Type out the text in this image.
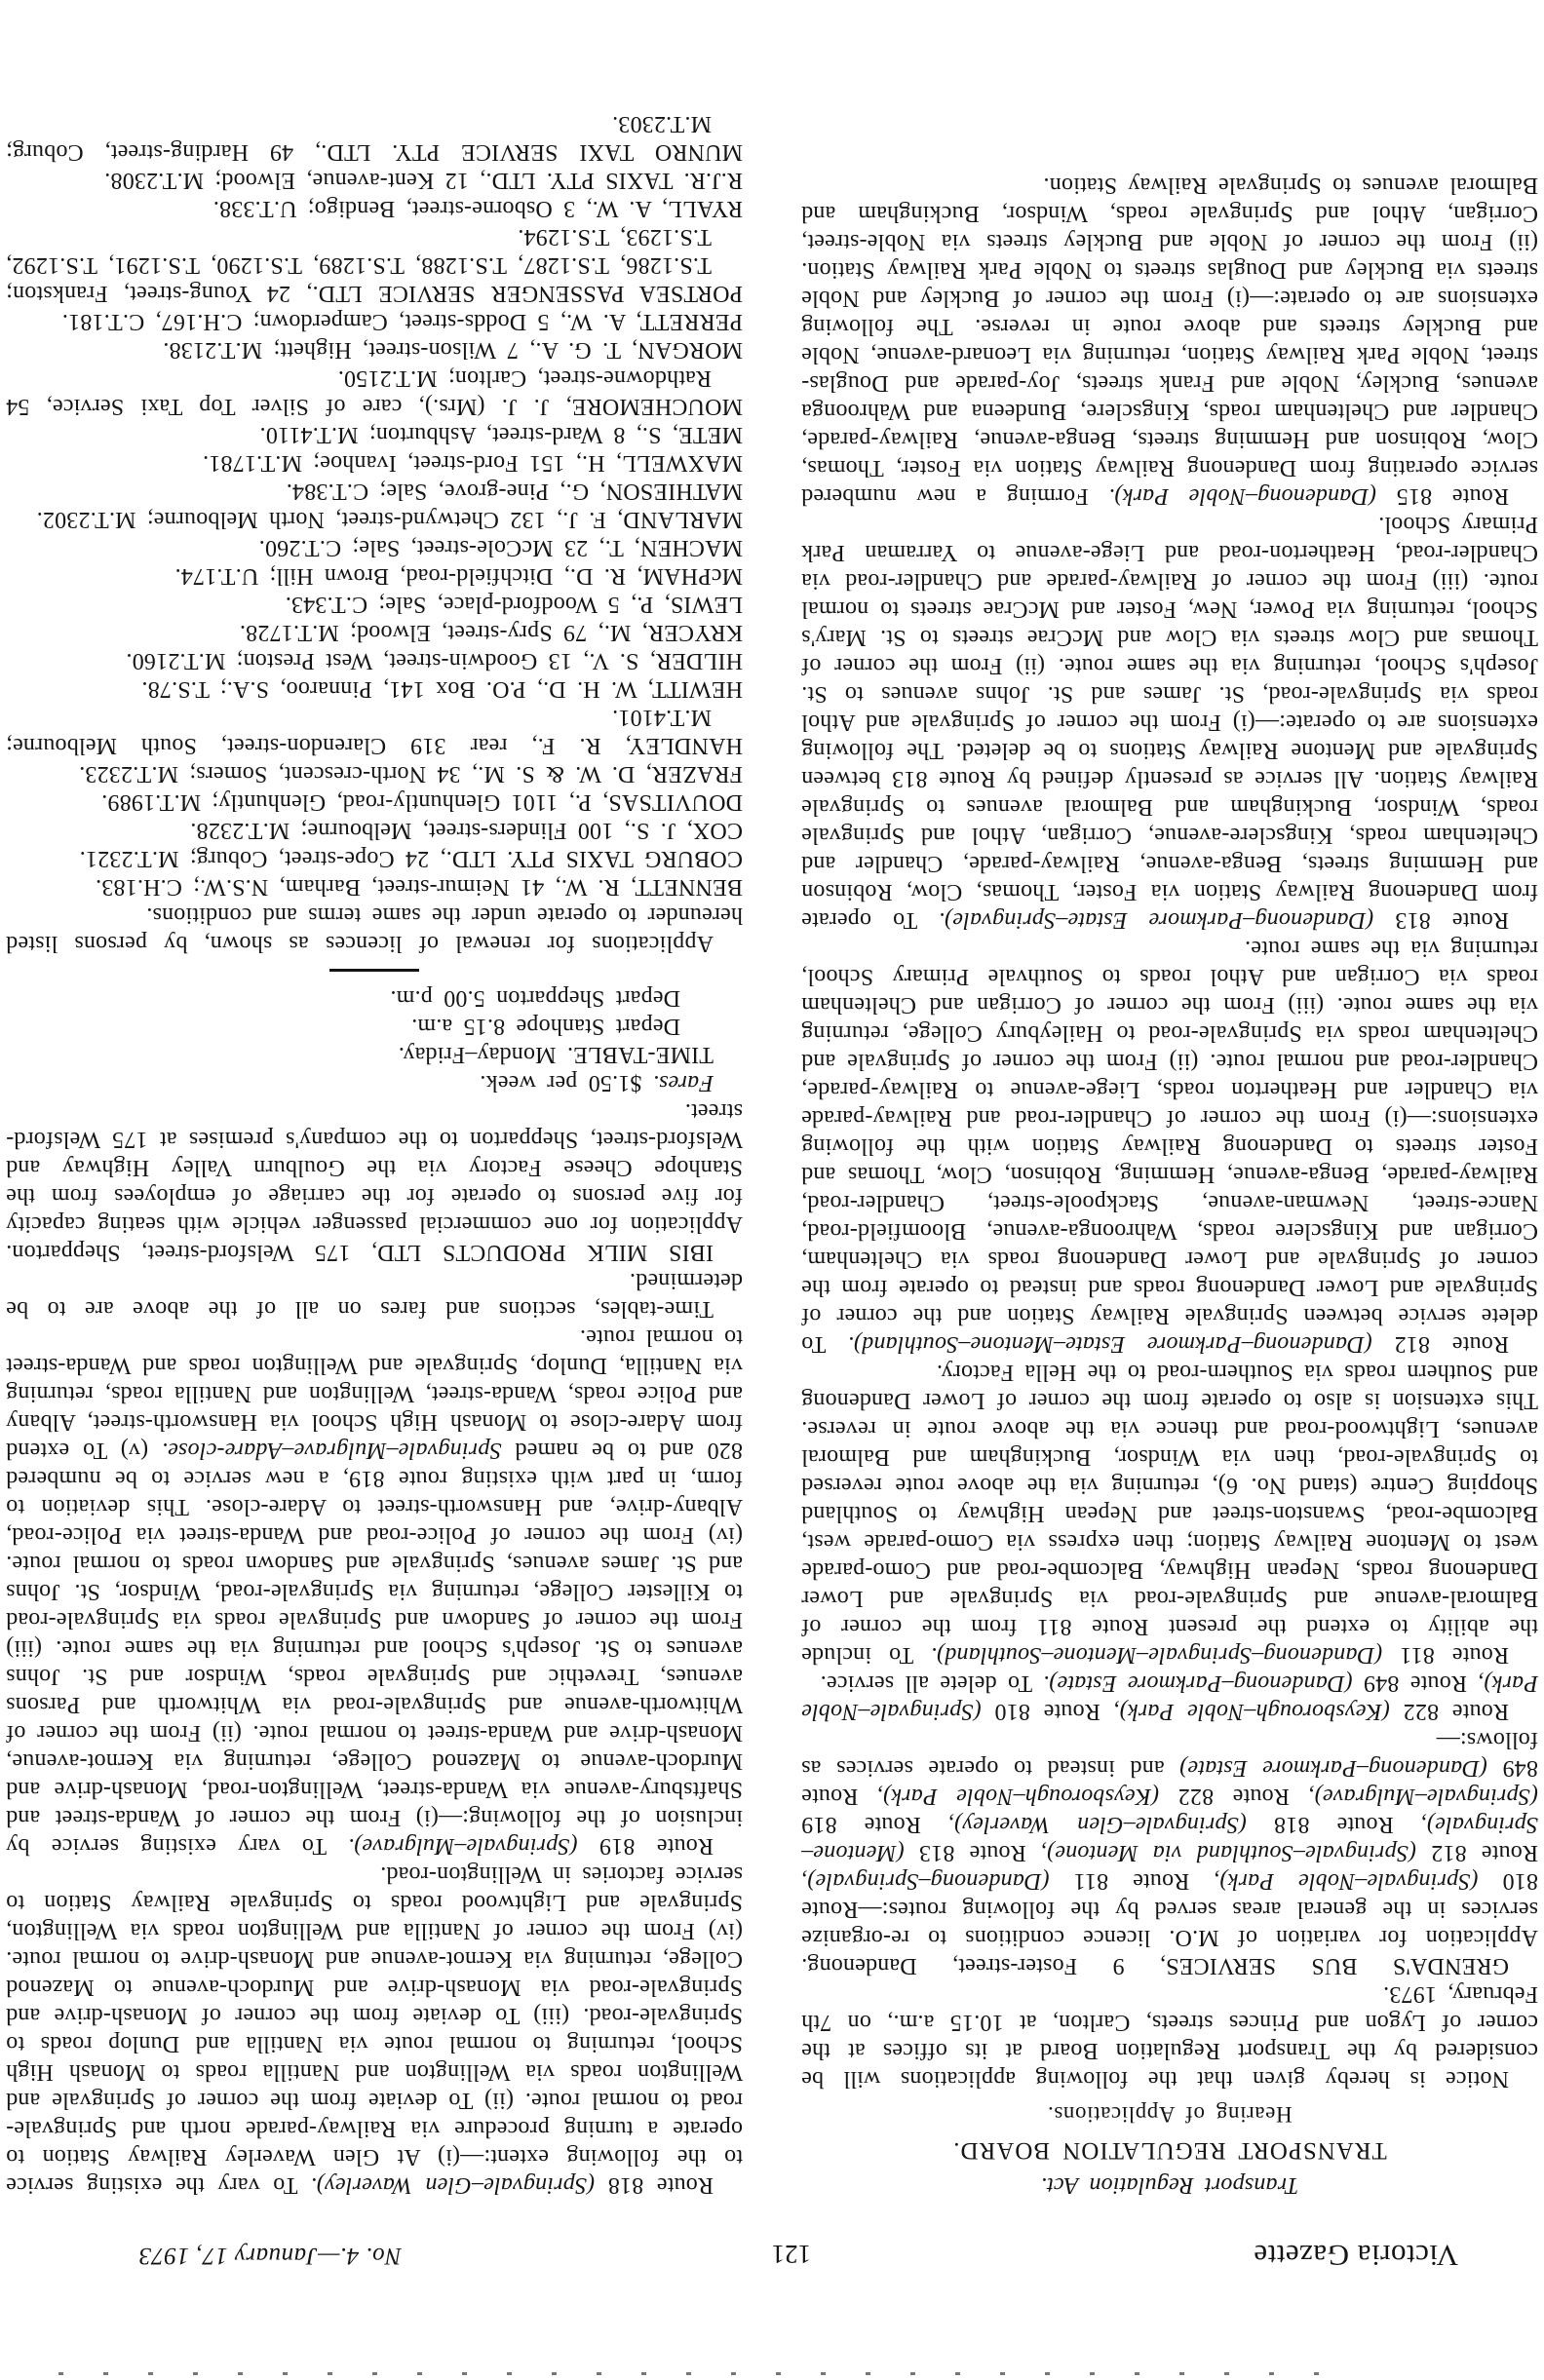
Victoria Gazette
121
No. 4.—January 17, 1973

Transport Regulation Act.

TRANSPORT REGULATION BOARD.

Hearing of Applications.

Notice is hereby given that the following applications will be considered by the Transport Regulation Board at its offices at the corner of Lygon and Princes streets, Carlton, at 10.15 a.m., on 7th February, 1973.

GRENDA'S BUS SERVICES, 9 Foster-street, Dandenong. Application for variation of M.O. licence conditions to re-organize services in the general areas served by the following routes:—Route 810 (Springvale–Noble Park), Route 811 (Dandenong–Springvale), Route 812 (Springvale–Southland via Mentone), Route 813 (Mentone–Springvale), Route 818 (Springvale–Glen Waverley), Route 819 (Springvale–Mulgrave), Route 822 (Keysborough–Noble Park), Route 849 (Dandenong–Parkmore Estate) and instead to operate services as follows:—

Route 822 (Keysborough–Noble Park), Route 810 (Springvale–Noble Park), Route 849 (Dandenong–Parkmore Estate). To delete all service.

Route 811 (Dandenong–Springvale–Mentone–Southland). To include the ability to extend the present Route 811 from the corner of Balmoral-avenue and Springvale-road via Springvale and Lower Dandenong roads, Nepean Highway, Balcombe-road and Como-parade west to Mentone Railway Station; then express via Como-parade west, Balcombe-road, Swanston-street and Nepean Highway to Southland Shopping Centre (stand No. 6), returning via the above route reversed to Springvale-road, then via Windsor, Buckingham and Balmoral avenues, Lightwood-road and thence via the above route in reverse. This extension is also to operate from the corner of Lower Dandenong and Southern roads via Southern-road to the Hella Factory.

Route 812 (Dandenong–Parkmore Estate–Mentone–Southland). To delete service between Springvale Railway Station and the corner of Springvale and Lower Dandenong roads and instead to operate from the corner of Springvale and Lower Dandenong roads via Cheltenham, Corrigan and Kingsclere roads, Wahroonga-avenue, Bloomfield-road, Nance-street, Newman-avenue, Stackpoole-street, Chandler-road, Railway-parade, Benga-avenue, Hemming, Robinson, Clow, Thomas and Foster streets to Dandenong Railway Station with the following extensions:—(i) From the corner of Chandler-road and Railway-parade via Chandler and Heatherton roads, Liege-avenue to Railway-parade, Chandler-road and normal route. (ii) From the corner of Springvale and Cheltenham roads via Springvale-road to Haileybury College, returning via the same route. (iii) From the corner of Corrigan and Cheltenham roads via Corrigan and Athol roads to Southvale Primary School, returning via the same route.

Route 813 (Dandenong–Parkmore Estate–Springvale). To operate from Dandenong Railway Station via Foster, Thomas, Clow, Robinson and Hemming streets, Benga-avenue, Railway-parade, Chandler and Cheltenham roads, Kingsclere-avenue, Corrigan, Athol and Springvale roads, Windsor, Buckingham and Balmoral avenues to Springvale Railway Station. All service as presently defined by Route 813 between Springvale and Mentone Railway Stations to be deleted. The following extensions are to operate:—(i) From the corner of Springvale and Athol roads via Springvale-road, St. James and St. Johns avenues to St. Joseph's School, returning via the same route. (ii) From the corner of Thomas and Clow streets via Clow and McCrae streets to St. Mary's School, returning via Power, New, Foster and McCrae streets to normal route. (iii) From the corner of Railway-parade and Chandler-road via Chandler-road, Heatherton-road and Liege-avenue to Yarraman Park Primary School.

Route 815 (Dandenong–Noble Park). Forming a new numbered service operating from Dandenong Railway Station via Foster, Thomas, Clow, Robinson and Hemming streets, Benga-avenue, Railway-parade, Chandler and Cheltenham roads, Kingsclere, Bundeena and Wahroonga avenues, Buckley, Noble and Frank streets, Joy-parade and Douglas-street, Noble Park Railway Station, returning via Leonard-avenue, Noble and Buckley streets and above route in reverse. The following extensions are to operate:—(i) From the corner of Buckley and Noble streets via Buckley and Douglas streets to Noble Park Railway Station. (ii) From the corner of Noble and Buckley streets via Noble-street, Corrigan, Athol and Springvale roads, Windsor, Buckingham and Balmoral avenues to Springvale Railway Station.

Route 818 (Springvale–Glen Waverley). To vary the existing service to the following extent:—(i) At Glen Waverley Railway Station to operate a turning procedure via Railway-parade north and Springvale-road to normal route. (ii) To deviate from the corner of Springvale and Wellington roads via Wellington and Nantilla roads to Monash High School, returning to normal route via Nantilla and Dunlop roads to Springvale-road. (iii) To deviate from the corner of Monash-drive and Springvale-road via Monash-drive and Murdoch-avenue to Mazenod College, returning via Kernot-avenue and Monash-drive to normal route. (iv) From the corner of Nantilla and Wellington roads via Wellington, Springvale and Lightwood roads to Springvale Railway Station to service factories in Wellington-road.

Route 819 (Springvale–Mulgrave). To vary existing service by inclusion of the following:—(i) From the corner of Wanda-street and Shaftsbury-avenue via Wanda-street, Wellington-road, Monash-drive and Murdoch-avenue to Mazenod College, returning via Kernot-avenue, Monash-drive and Wanda-street to normal route. (ii) From the corner of Whitworth-avenue and Springvale-road via Whitworth and Parsons avenues, Trevethic and Springvale roads, Windsor and St. Johns avenues to St. Joseph's School and returning via the same route. (iii) From the corner of Sandown and Springvale roads via Springvale-road to Killester College, returning via Springvale-road, Windsor, St. Johns and St. James avenues, Springvale and Sandown roads to normal route. (iv) From the corner of Police-road and Wanda-street via Police-road, Albany-drive, and Hansworth-street to Adare-close. This deviation to form, in part with existing route 819, a new service to be numbered 820 and to be named Springvale–Mulgrave–Adare-close. (v) To extend from Adare-close to Monash High School via Hansworth-street, Albany and Police roads, Wanda-street, Wellington and Nantilla roads, returning via Nantilla, Dunlop, Springvale and Wellington roads and Wanda-street to normal route.

Time-tables, sections and fares on all of the above are to be determined.

IBIS MILK PRODUCTS LTD, 175 Welsford-street, Shepparton. Application for one commercial passenger vehicle with seating capacity for five persons to operate for the carriage of employees from the Stanhope Cheese Factory via the Goulburn Valley Highway and Welsford-street, Shepparton to the company's premises at 175 Welsford-street.

Fares. $1.50 per week.

TIME-TABLE. Monday–Friday.

Depart Stanhope 8.15 a.m.

Depart Shepparton 5.00 p.m.

Applications for renewal of licences as shown, by persons listed hereunder to operate under the same terms and conditions.

BENNETT, R. W., 41 Neimur-street, Barham, N.S.W.; C.H.183.

COBURG TAXIS PTY. LTD., 24 Cope-street, Coburg; M.T.2321.

COX, J. S., 100 Flinders-street, Melbourne; M.T.2328.

DOUVITSAS, P., 1101 Glenhuntly-road, Glenhuntly; M.T.1989.

FRAZER, D. W. & S. M., 34 North-crescent, Somers; M.T.2323.

HANDLEY, R. F., rear 319 Clarendon-street, South Melbourne; M.T.4101.

HEWITT, W. H. D., P.O. Box 141, Pinnaroo, S.A.; T.S.78.

HILDER, S. V., 13 Goodwin-street, West Preston; M.T.2160.

KRYCER, M., 79 Spry-street, Elwood; M.T.1728.

LEWIS, P., 5 Woodford-place, Sale; C.T.343.

McPHAM, R. D., Ditchfield-road, Brown Hill; U.T.174.

MACHEN, T., 23 McCole-street, Sale; C.T.260.

MARLAND, F. J., 132 Chetwynd-street, North Melbourne; M.T.2302.

MATHIESON, G., Pine-grove, Sale; C.T.384.

MAXWELL, H., 151 Ford-street, Ivanhoe; M.T.1781.

METE, S., 8 Ward-street, Ashburton; M.T.4110.

MOUCHEMORE, J. J. (Mrs.), care of Silver Top Taxi Service, 54 Rathdowne-street, Carlton; M.T.2150.

MORGAN, T. G. A., 7 Wilson-street, Highett; M.T.2138.

PERRETT, A. W., 5 Dodds-street, Camperdown; C.H.167, C.T.181.

PORTSEA PASSENGER SERVICE LTD., 24 Young-street, Frankston; T.S.1286, T.S.1287, T.S.1288, T.S.1289, T.S.1290, T.S.1291, T.S.1292, T.S.1293, T.S.1294.

RYALL, A. W., 3 Osborne-street, Bendigo; U.T.338.

R.J.R. TAXIS PTY. LTD., 12 Kent-avenue, Elwood; M.T.2308.

MUNRO TAXI SERVICE PTY. LTD., 49 Harding-street, Coburg; M.T.2303.
